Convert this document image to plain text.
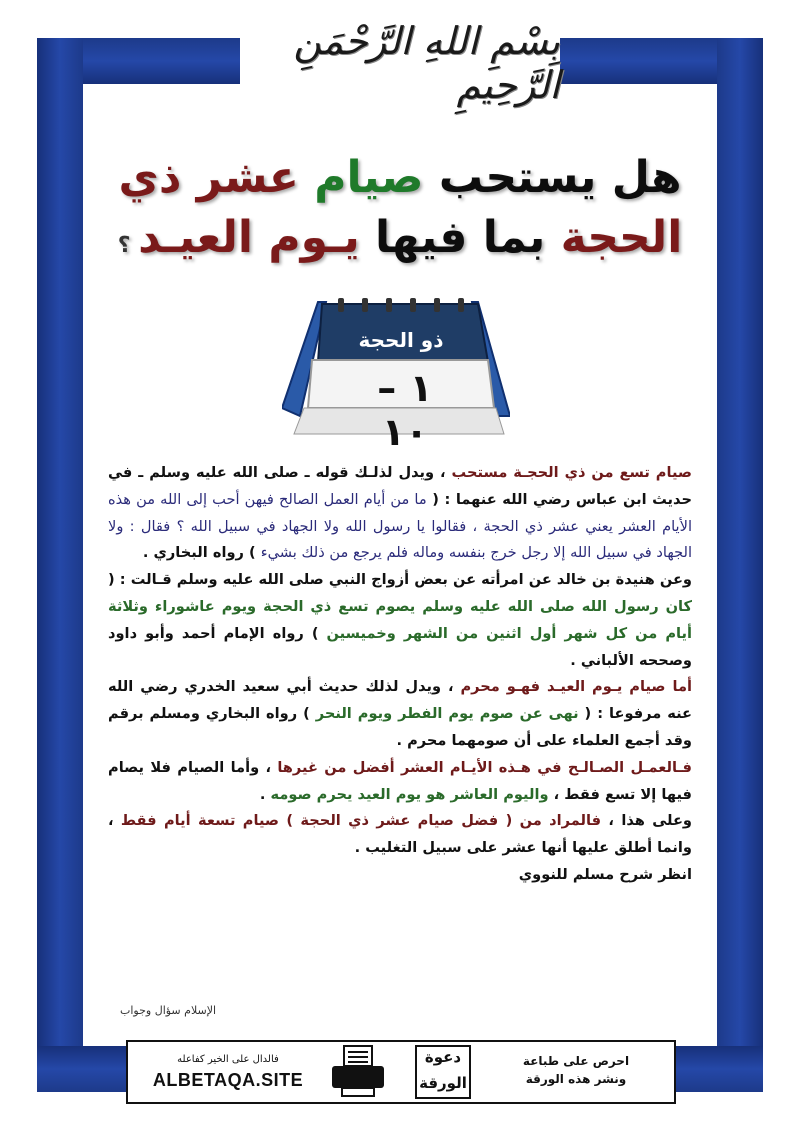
بِسْمِ اللهِ الرَّحْمَنِ الرَّحِيمِ
هل يستحب صيام عشر ذي
الحجة بما فيها يـوم العيـد ؟
ذو الحجة
١ – ١٠

صيام تسع من ذي الحجـة مستحب ، ويدل لذلـك قوله ـ صلى الله عليه وسلم ـ في حديث ابن عباس رضي الله عنهما : ( ما من أيام العمل الصالح فيهن أحب إلى الله من هذه الأيام العشر يعني عشر ذي الحجة ، فقالوا يا رسول الله ولا الجهاد في سبيل الله ؟ فقال : ولا الجهاد في سبيل الله إلا رجل خرج بنفسه وماله فلم يرجع من ذلك بشيء ) رواه البخاري .

وعن هنيدة بن خالد عن امرأته عن بعض أزواج النبي صلى الله عليه وسلم قـالت : ( كان رسول الله صلى الله عليه وسلم يصوم تسع ذي الحجة ويوم عاشوراء وثلاثة أيام من كل شهر أول اثنين من الشهر وخميسين ) رواه الإمام أحمد وأبو داود وصححه الألباني .

أما صيام يـوم العيـد فهـو محرم ، ويدل لذلك حديث أبي سعيد الخدري رضي الله عنه مرفوعا : ( نهى عن صوم يوم الفطر ويوم النحر ) رواه البخاري ومسلم برقم وقد أجمع العلماء على أن صومهما محرم .

فـالعمـل الصـالـح في هـذه الأيـام العشر أفضل من غيرها ، وأما الصيام فلا يصام فيها إلا تسع فقط ، واليوم العاشر هو يوم العيد يحرم صومه .

وعلى هذا ، فالمراد من ( فضل صيام عشر ذي الحجة ) صيام تسعة أيام فقط ، وانما أطلق عليها أنها عشر على سبيل التغليب .

انظر شرح مسلم للنووي

الإسلام سؤال وجواب
فالدال على الخير كفاعله
ALBETAQA.SITE
دعوة الورقة
احرص على طباعة
ونشر هذه الورقة
